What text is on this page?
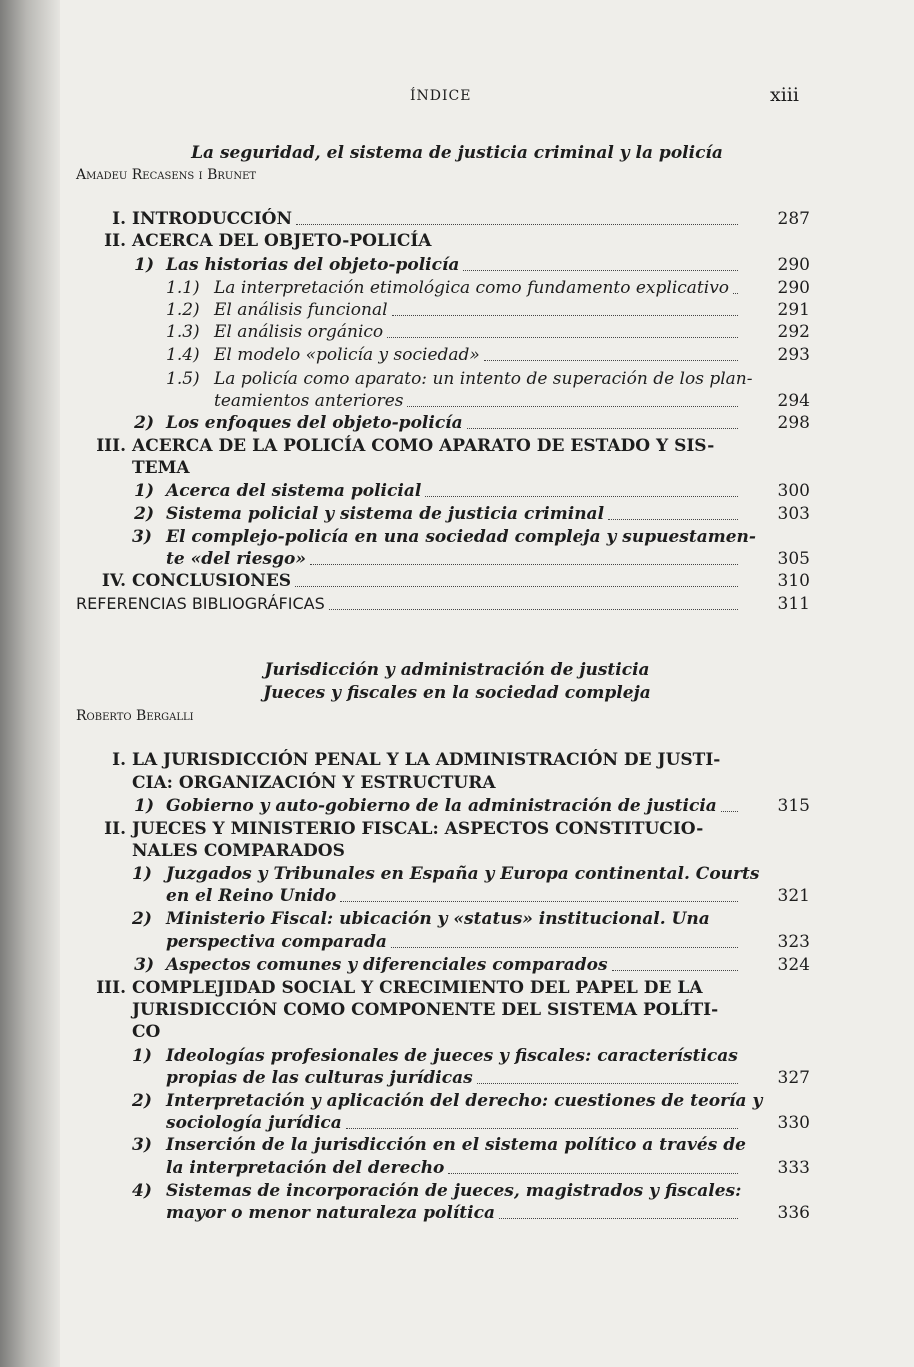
ÍNDICE	xiii
La seguridad, el sistema de justicia criminal y la policía
Amadeu Recasens i Brunet
I. INTRODUCCIÓN	287
II. ACERCA DEL OBJETO-POLICÍA
1) Las historias del objeto-policía	290
1.1) La interpretación etimológica como fundamento explicativo	290
1.2) El análisis funcional	291
1.3) El análisis orgánico	292
1.4) El modelo «policía y sociedad»	293
1.5) La policía como aparato: un intento de superación de los plan-
teamientos anteriores	294
2) Los enfoques del objeto-policía	298
III. ACERCA DE LA POLICÍA COMO APARATO DE ESTADO Y SIS-
TEMA
1) Acerca del sistema policial	300
2) Sistema policial y sistema de justicia criminal	303
3) El complejo-policía en una sociedad compleja y supuestamen-
te «del riesgo»	305
IV. CONCLUSIONES	310
REFERENCIAS BIBLIOGRÁFICAS	311
Jurisdicción y administración de justicia
Jueces y fiscales en la sociedad compleja
Roberto Bergalli
I. LA JURISDICCIÓN PENAL Y LA ADMINISTRACIÓN DE JUSTI-
CIA: ORGANIZACIÓN Y ESTRUCTURA
1) Gobierno y auto-gobierno de la administración de justicia	315
II. JUECES Y MINISTERIO FISCAL: ASPECTOS CONSTITUCIO-
NALES COMPARADOS
1) Juzgados y Tribunales en España y Europa continental. Courts
en el Reino Unido	321
2) Ministerio Fiscal: ubicación y «status» institucional. Una
perspectiva comparada	323
3) Aspectos comunes y diferenciales comparados	324
III. COMPLEJIDAD SOCIAL Y CRECIMIENTO DEL PAPEL DE LA
JURISDICCIÓN COMO COMPONENTE DEL SISTEMA POLÍTI-
CO
1) Ideologías profesionales de jueces y fiscales: características
propias de las culturas jurídicas	327
2) Interpretación y aplicación del derecho: cuestiones de teoría y
sociología jurídica	330
3) Inserción de la jurisdicción en el sistema político a través de
la interpretación del derecho	333
4) Sistemas de incorporación de jueces, magistrados y fiscales:
mayor o menor naturaleza política	336
